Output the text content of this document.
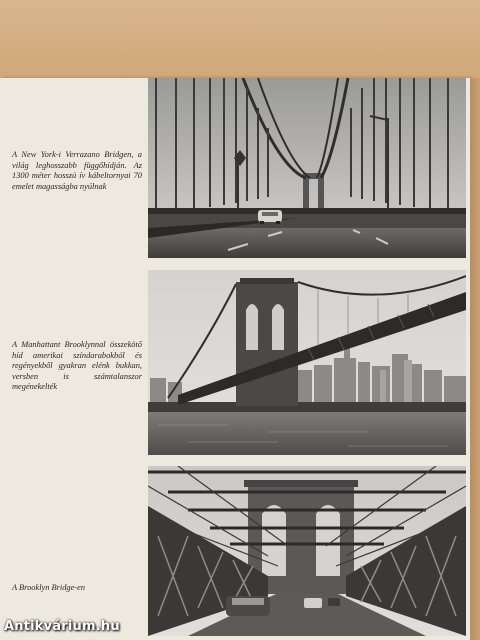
A New York-i Verrazano Bridgen, a világ leghosszabb függőhídján. Az 1300 méter hosszú ív kábeltornyai 70 emelet magasságba nyúlnak
A Manhattant Brooklynnal összekötő híd amerikai színdarabokból és regényekből gyakran elénk bukkan, versben is számtalanszor megénekelték
A Brooklyn Bridge-en
Antikvárium.hu
